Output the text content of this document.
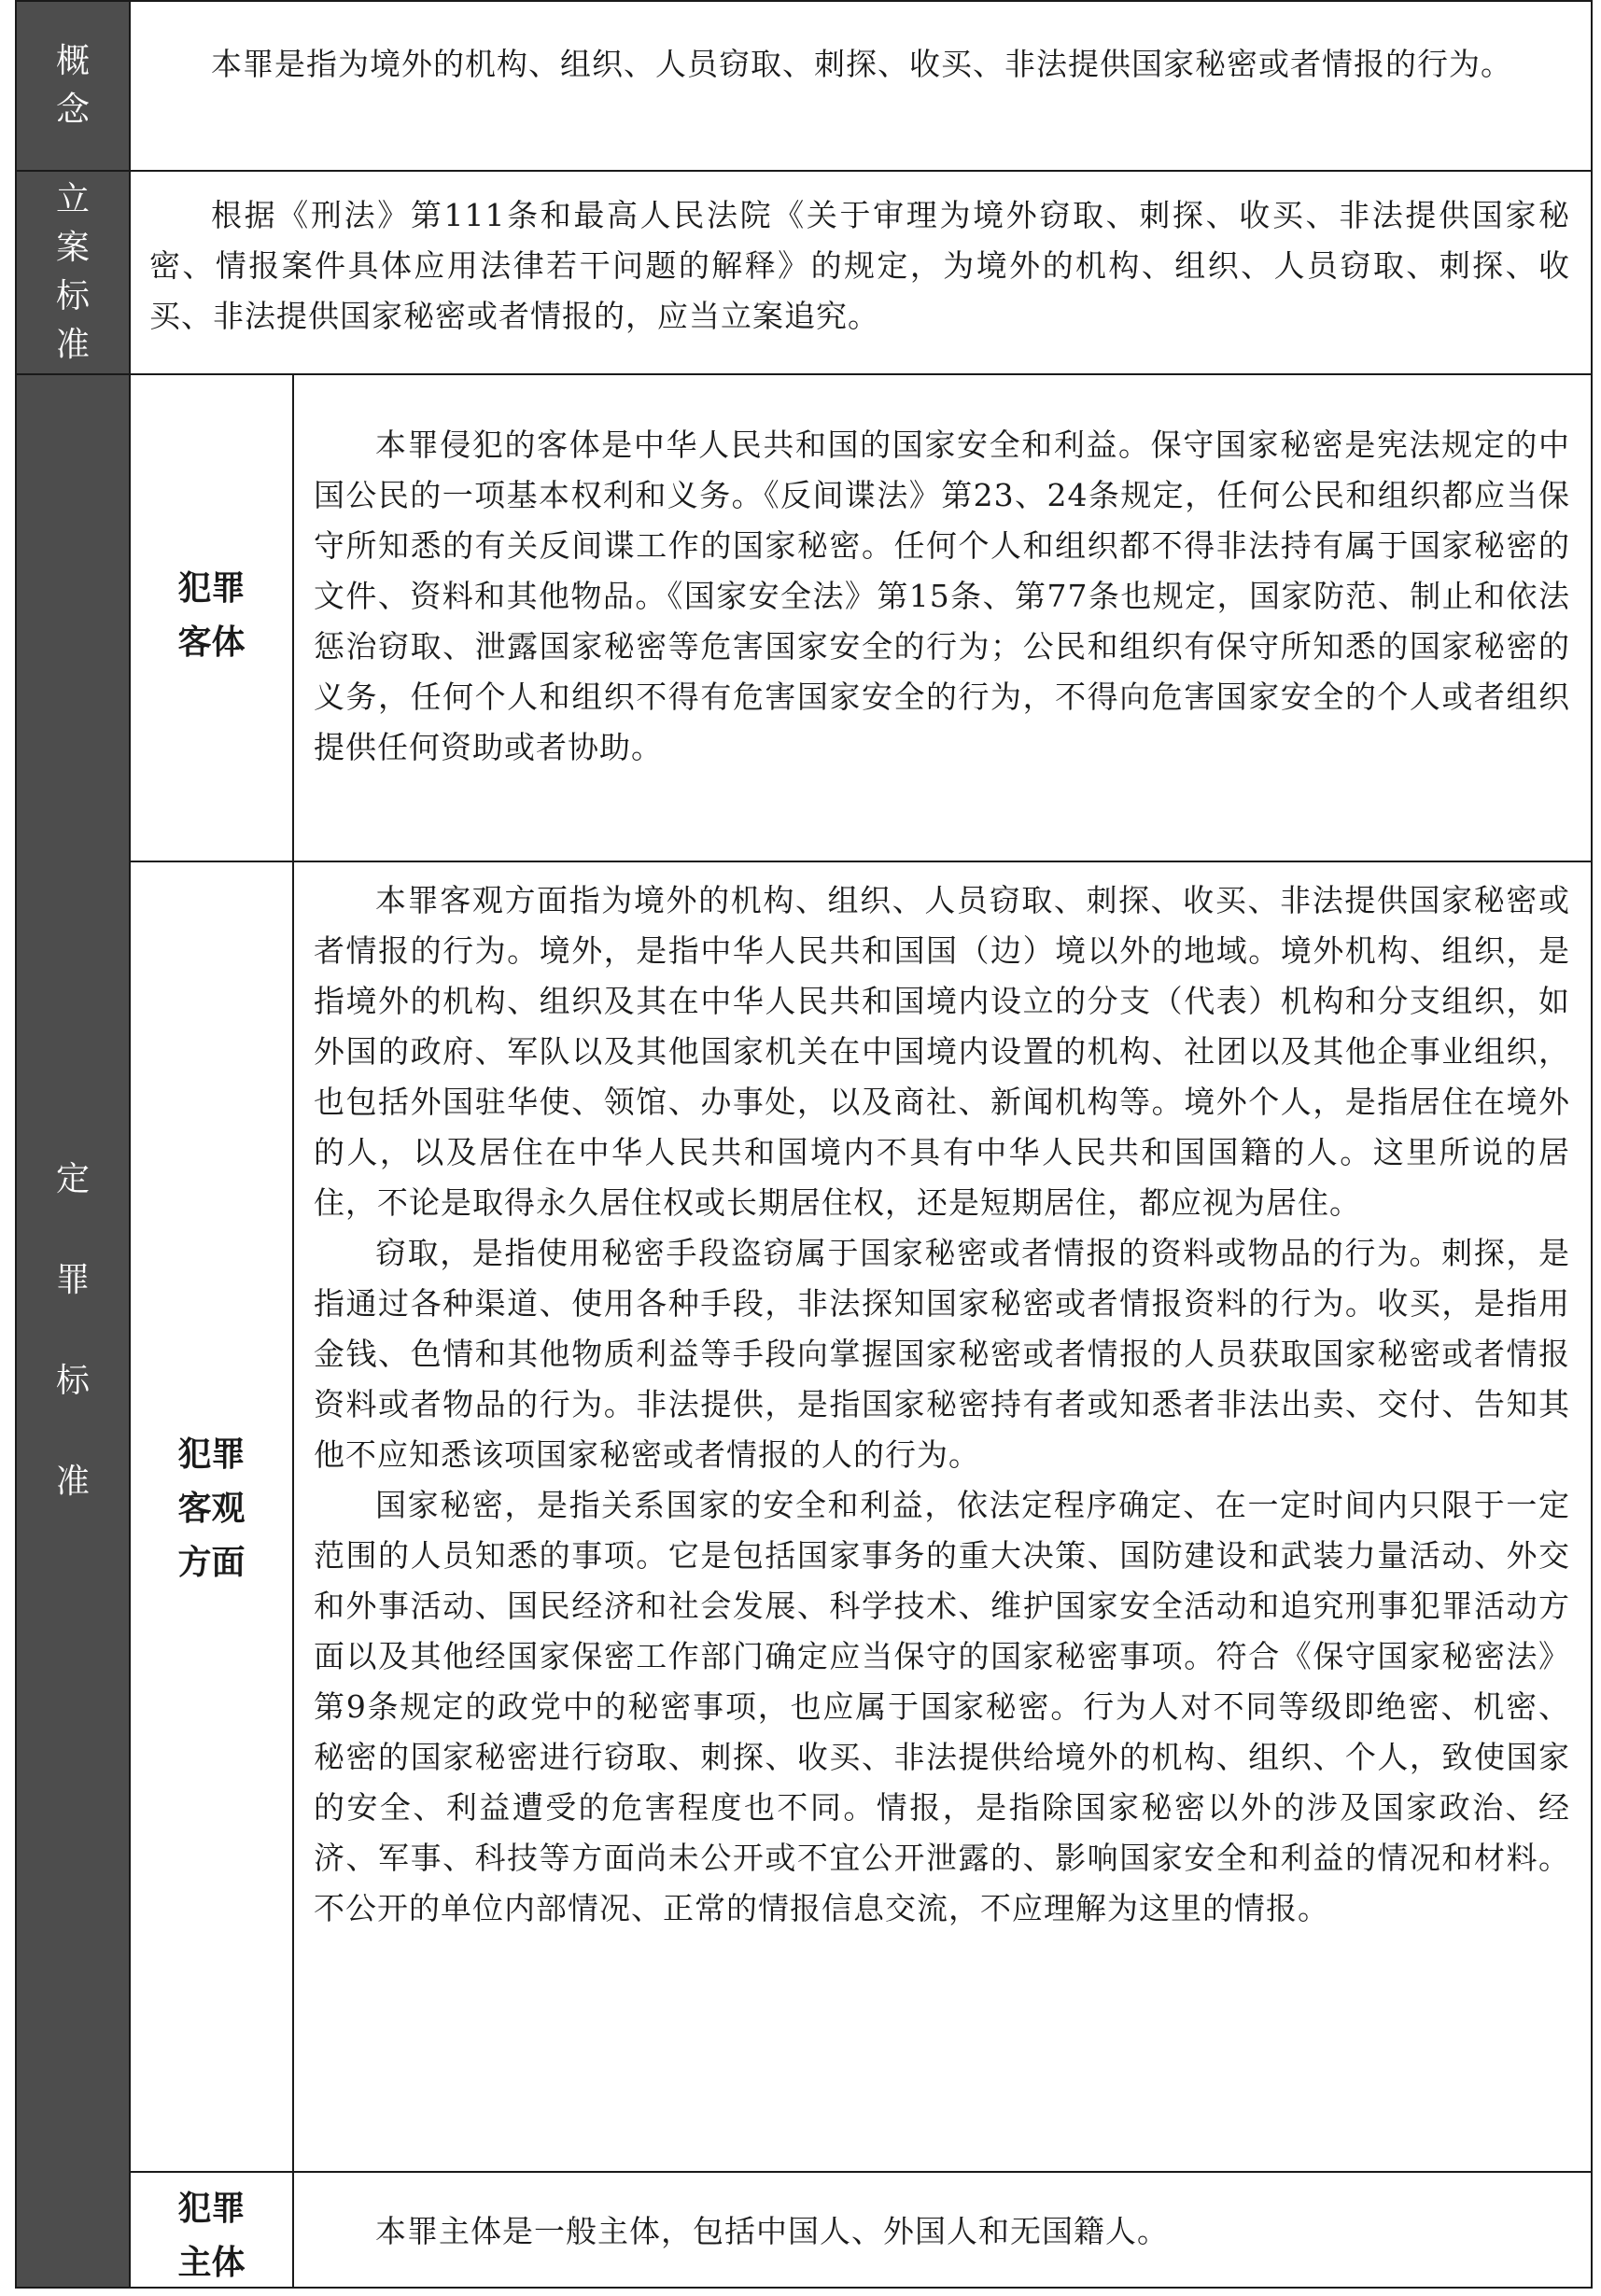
概
念

本罪是指为境外的机构、组织、人员窃取、刺探、收买、非法提供国家秘密或者情报的行为。

立
案
标
准

根据《刑法》第111条和最高人民法院《关于审理为境外窃取、刺探、收买、非法提供国家秘密、情报案件具体应用法律若干问题的解释》的规定，为境外的机构、组织、人员窃取、刺探、收买、非法提供国家秘密或者情报的，应当立案追究。

定
罪
标
准
犯罪
客体

本罪侵犯的客体是中华人民共和国的国家安全和利益。保守国家秘密是宪法规定的中国公民的一项基本权利和义务。《反间谍法》第23、24条规定，任何公民和组织都应当保守所知悉的有关反间谍工作的国家秘密。任何个人和组织都不得非法持有属于国家秘密的文件、资料和其他物品。《国家安全法》第15条、第77条也规定，国家防范、制止和依法惩治窃取、泄露国家秘密等危害国家安全的行为；公民和组织有保守所知悉的国家秘密的义务，任何个人和组织不得有危害国家安全的行为，不得向危害国家安全的个人或者组织提供任何资助或者协助。

犯罪
客观
方面

本罪客观方面指为境外的机构、组织、人员窃取、刺探、收买、非法提供国家秘密或者情报的行为。境外，是指中华人民共和国国（边）境以外的地域。境外机构、组织，是指境外的机构、组织及其在中华人民共和国境内设立的分支（代表）机构和分支组织，如外国的政府、军队以及其他国家机关在中国境内设置的机构、社团以及其他企事业组织，也包括外国驻华使、领馆、办事处，以及商社、新闻机构等。境外个人，是指居住在境外的人，以及居住在中华人民共和国境内不具有中华人民共和国国籍的人。这里所说的居住，不论是取得永久居住权或长期居住权，还是短期居住，都应视为居住。

窃取，是指使用秘密手段盗窃属于国家秘密或者情报的资料或物品的行为。刺探，是指通过各种渠道、使用各种手段，非法探知国家秘密或者情报资料的行为。收买，是指用金钱、色情和其他物质利益等手段向掌握国家秘密或者情报的人员获取国家秘密或者情报资料或者物品的行为。非法提供，是指国家秘密持有者或知悉者非法出卖、交付、告知其他不应知悉该项国家秘密或者情报的人的行为。

国家秘密，是指关系国家的安全和利益，依法定程序确定、在一定时间内只限于一定范围的人员知悉的事项。它是包括国家事务的重大决策、国防建设和武装力量活动、外交和外事活动、国民经济和社会发展、科学技术、维护国家安全活动和追究刑事犯罪活动方面以及其他经国家保密工作部门确定应当保守的国家秘密事项。符合《保守国家秘密法》第9条规定的政党中的秘密事项，也应属于国家秘密。行为人对不同等级即绝密、机密、秘密的国家秘密进行窃取、刺探、收买、非法提供给境外的机构、组织、个人，致使国家的安全、利益遭受的危害程度也不同。情报，是指除国家秘密以外的涉及国家政治、经济、军事、科技等方面尚未公开或不宜公开泄露的、影响国家安全和利益的情况和材料。不公开的单位内部情况、正常的情报信息交流，不应理解为这里的情报。

犯罪
主体

本罪主体是一般主体，包括中国人、外国人和无国籍人。
